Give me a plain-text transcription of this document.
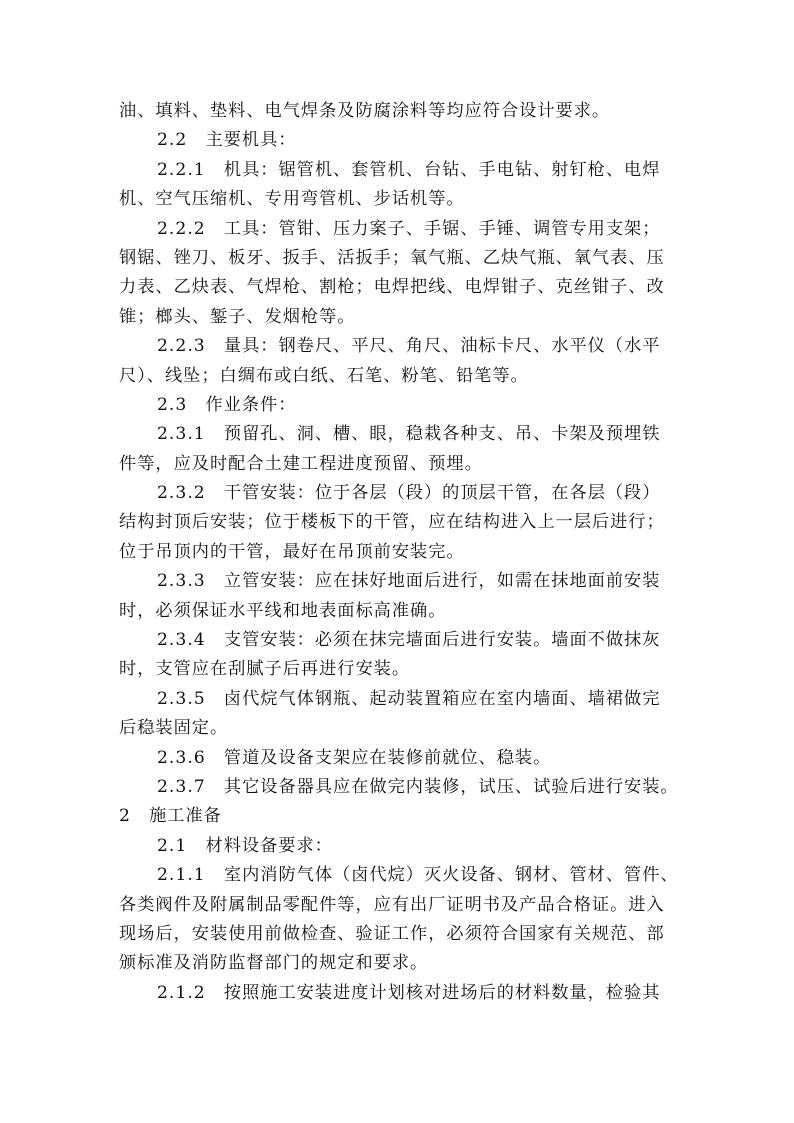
油、填料、垫料、电气焊条及防腐涂料等均应符合设计要求。
2.2　主要机具：
2.2.1　机具：锯管机、套管机、台钻、手电钻、射钉枪、电焊
机、空气压缩机、专用弯管机、步话机等。
2.2.2　工具：管钳、压力案子、手锯、手锤、调管专用支架；
钢锯、锉刀、板牙、扳手、活扳手；氧气瓶、乙炔气瓶、氧气表、压
力表、乙炔表、气焊枪、割枪；电焊把线、电焊钳子、克丝钳子、改
锥；榔头、錾子、发烟枪等。
2.2.3　量具：钢卷尺、平尺、角尺、油标卡尺、水平仪（水平
尺）、线坠；白绸布或白纸、石笔、粉笔、铅笔等。
2.3　作业条件：
2.3.1　预留孔、洞、槽、眼，稳栽各种支、吊、卡架及预埋铁
件等，应及时配合土建工程进度预留、预埋。
2.3.2　干管安装：位于各层（段）的顶层干管，在各层（段）
结构封顶后安装；位于楼板下的干管，应在结构进入上一层后进行；
位于吊顶内的干管，最好在吊顶前安装完。
2.3.3　立管安装：应在抹好地面后进行，如需在抹地面前安装
时，必须保证水平线和地表面标高准确。
2.3.4　支管安装：必须在抹完墙面后进行安装。墙面不做抹灰
时，支管应在刮腻子后再进行安装。
2.3.5　卤代烷气体钢瓶、起动装置箱应在室内墙面、墙裙做完
后稳装固定。
2.3.6　管道及设备支架应在装修前就位、稳装。
2.3.7　其它设备器具应在做完内装修，试压、试验后进行安装。
2　施工准备
2.1　材料设备要求：
2.1.1　室内消防气体（卤代烷）灭火设备、钢材、管材、管件、
各类阀件及附属制品零配件等，应有出厂证明书及产品合格证。进入
现场后，安装使用前做检查、验证工作，必须符合国家有关规范、部
颁标准及消防监督部门的规定和要求。
2.1.2　按照施工安装进度计划核对进场后的材料数量，检验其
